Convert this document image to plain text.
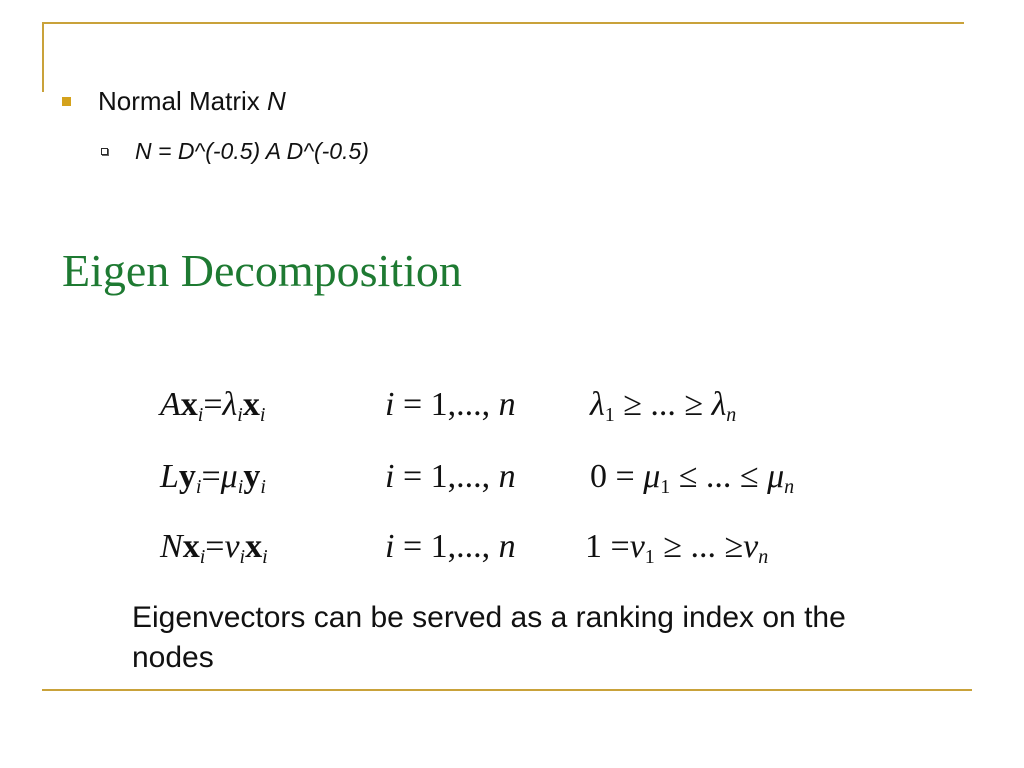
Normal Matrix N
N = D^(-0.5) A D^(-0.5)
Eigen Decomposition
$Ax_i=\lambda_ix_i$	i = 1,..., n $\lambda_1$ ≥ ... ≥ $\lambda_n$
$Ly_i=\mu_iy_i$	i = 1,..., n $0 = \mu_1$ ≤ ... ≤ $\mu_n$
$Nx_i=\nu_ix_i$	i = 1,..., n $1 =\nu_1$ ≥ ... $\ge\nu_n$
Eigenvectors can be served as a ranking index on the nodes
